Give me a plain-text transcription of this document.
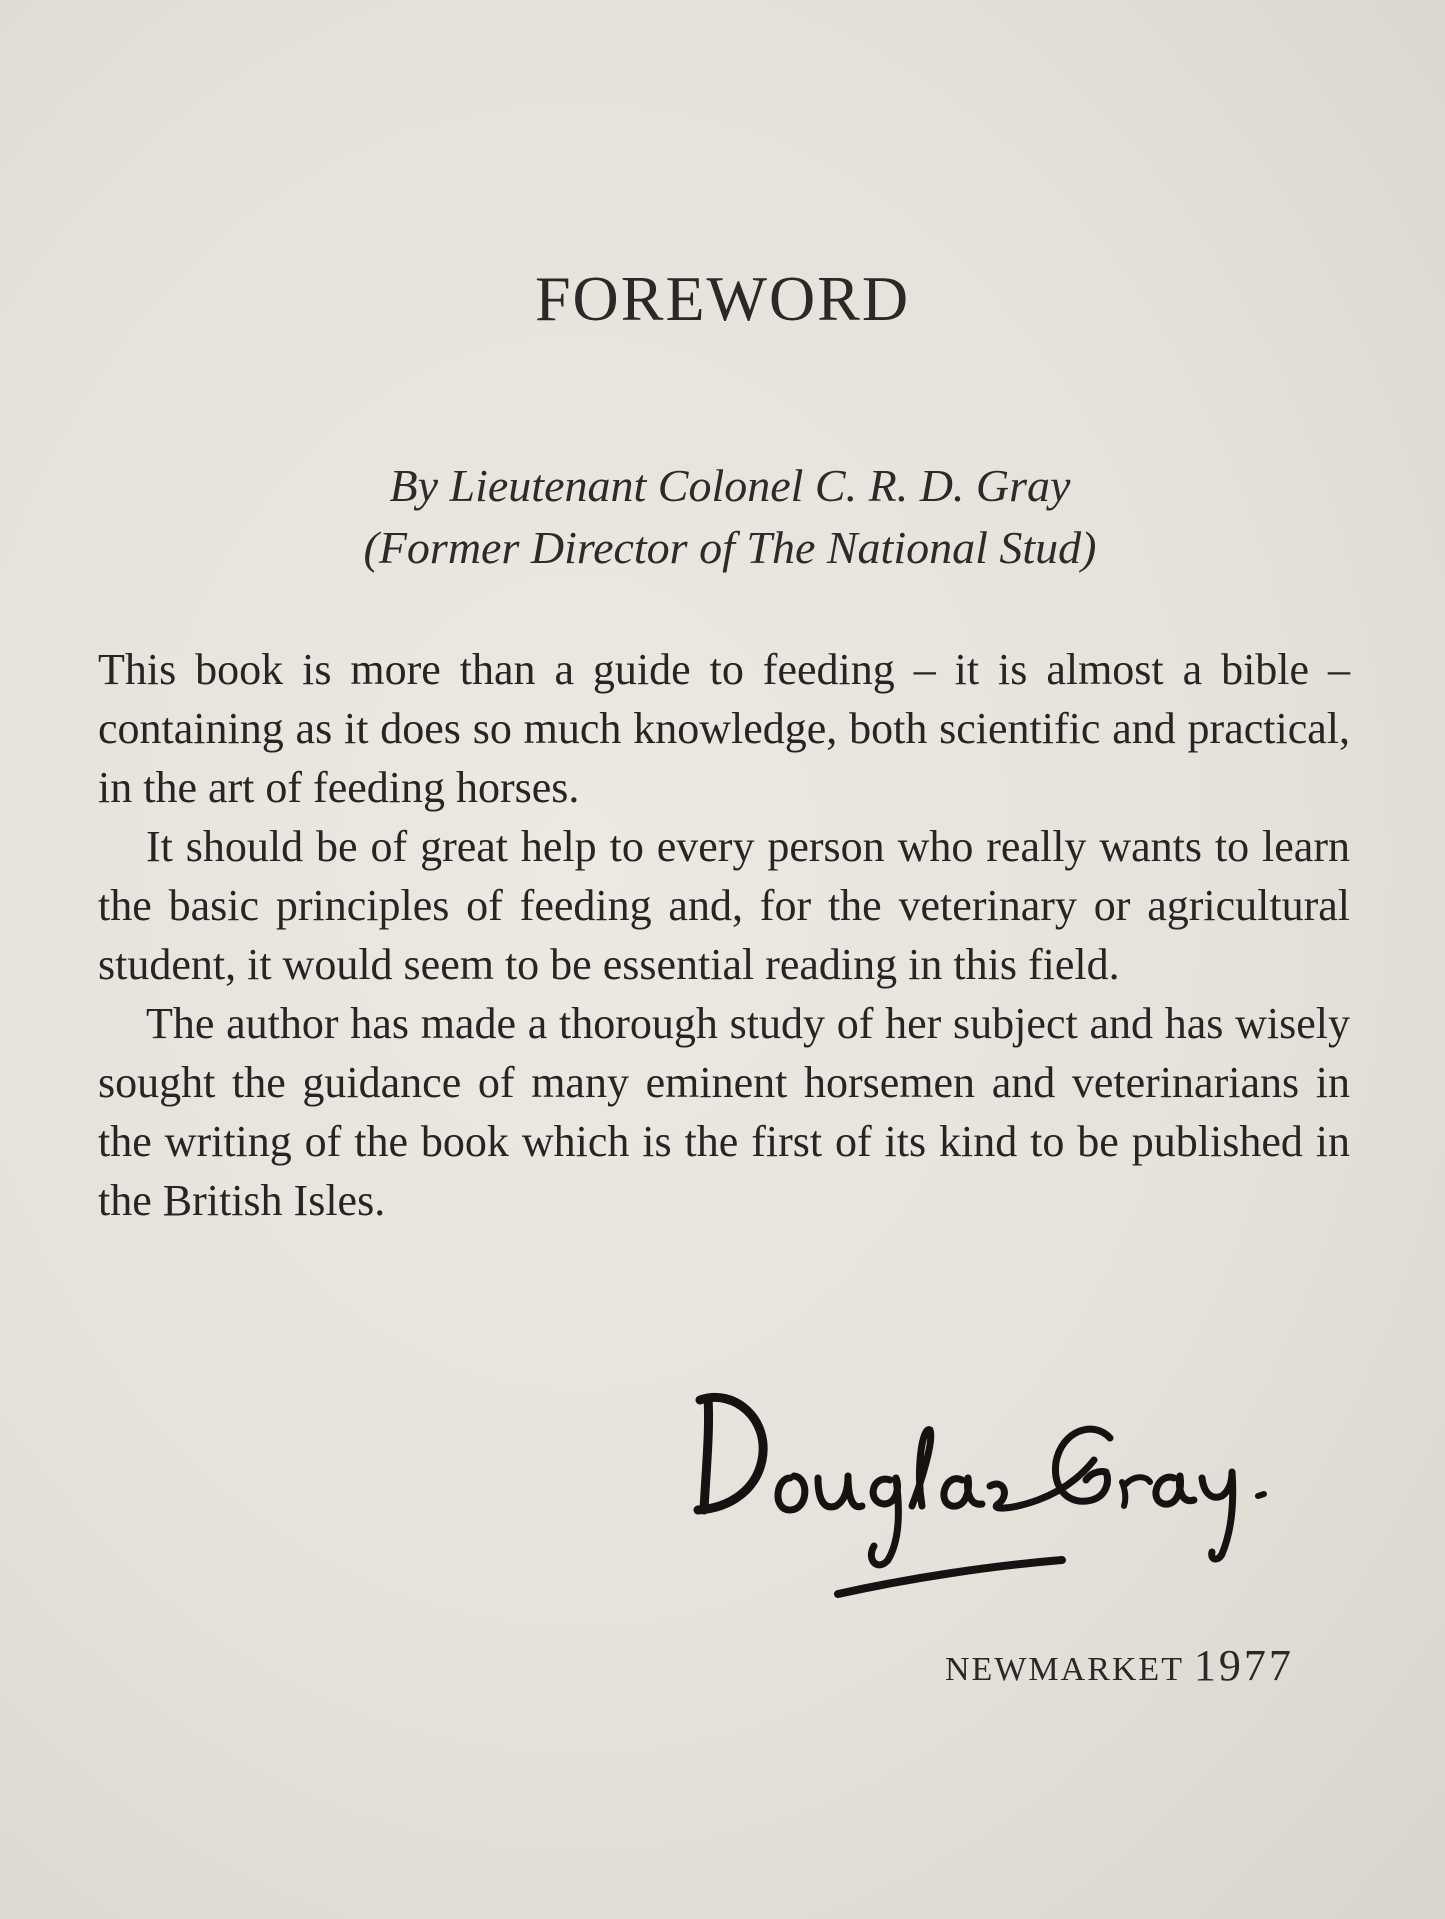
FOREWORD
By Lieutenant Colonel C. R. D. Gray
(Former Director of The National Stud)

This book is more than a guide to feeding – it is almost a bible – containing as it does so much knowledge, both scientific and practical, in the art of feeding horses.

It should be of great help to every person who really wants to learn the basic principles of feeding and, for the veterinary or agricultural student, it would seem to be essential reading in this field.

The author has made a thorough study of her subject and has wisely sought the guidance of many eminent horsemen and veterinarians in the writing of the book which is the first of its kind to be published in the British Isles.

NEWMARKET 1977
